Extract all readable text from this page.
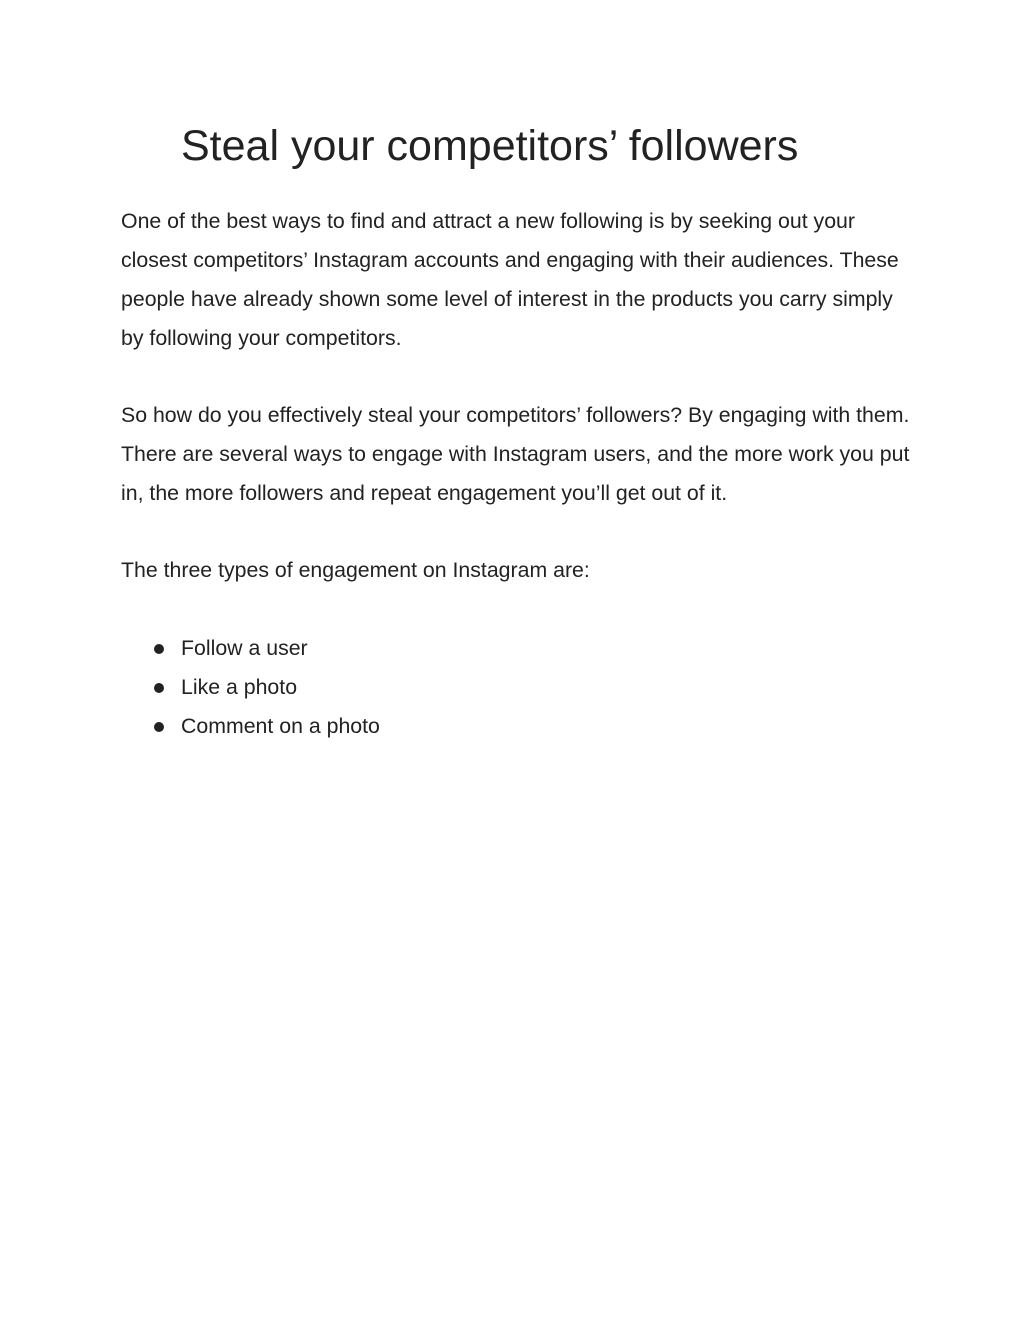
Steal your competitors’ followers

One of the best ways to find and attract a new following is by seeking out your closest competitors’ Instagram accounts and engaging with their audiences. These people have already shown some level of interest in the products you carry simply by following your competitors.

So how do you effectively steal your competitors’ followers? By engaging with them. There are several ways to engage with Instagram users, and the more work you put in, the more followers and repeat engagement you’ll get out of it.

The three types of engagement on Instagram are:

Follow a user
Like a photo
Comment on a photo
